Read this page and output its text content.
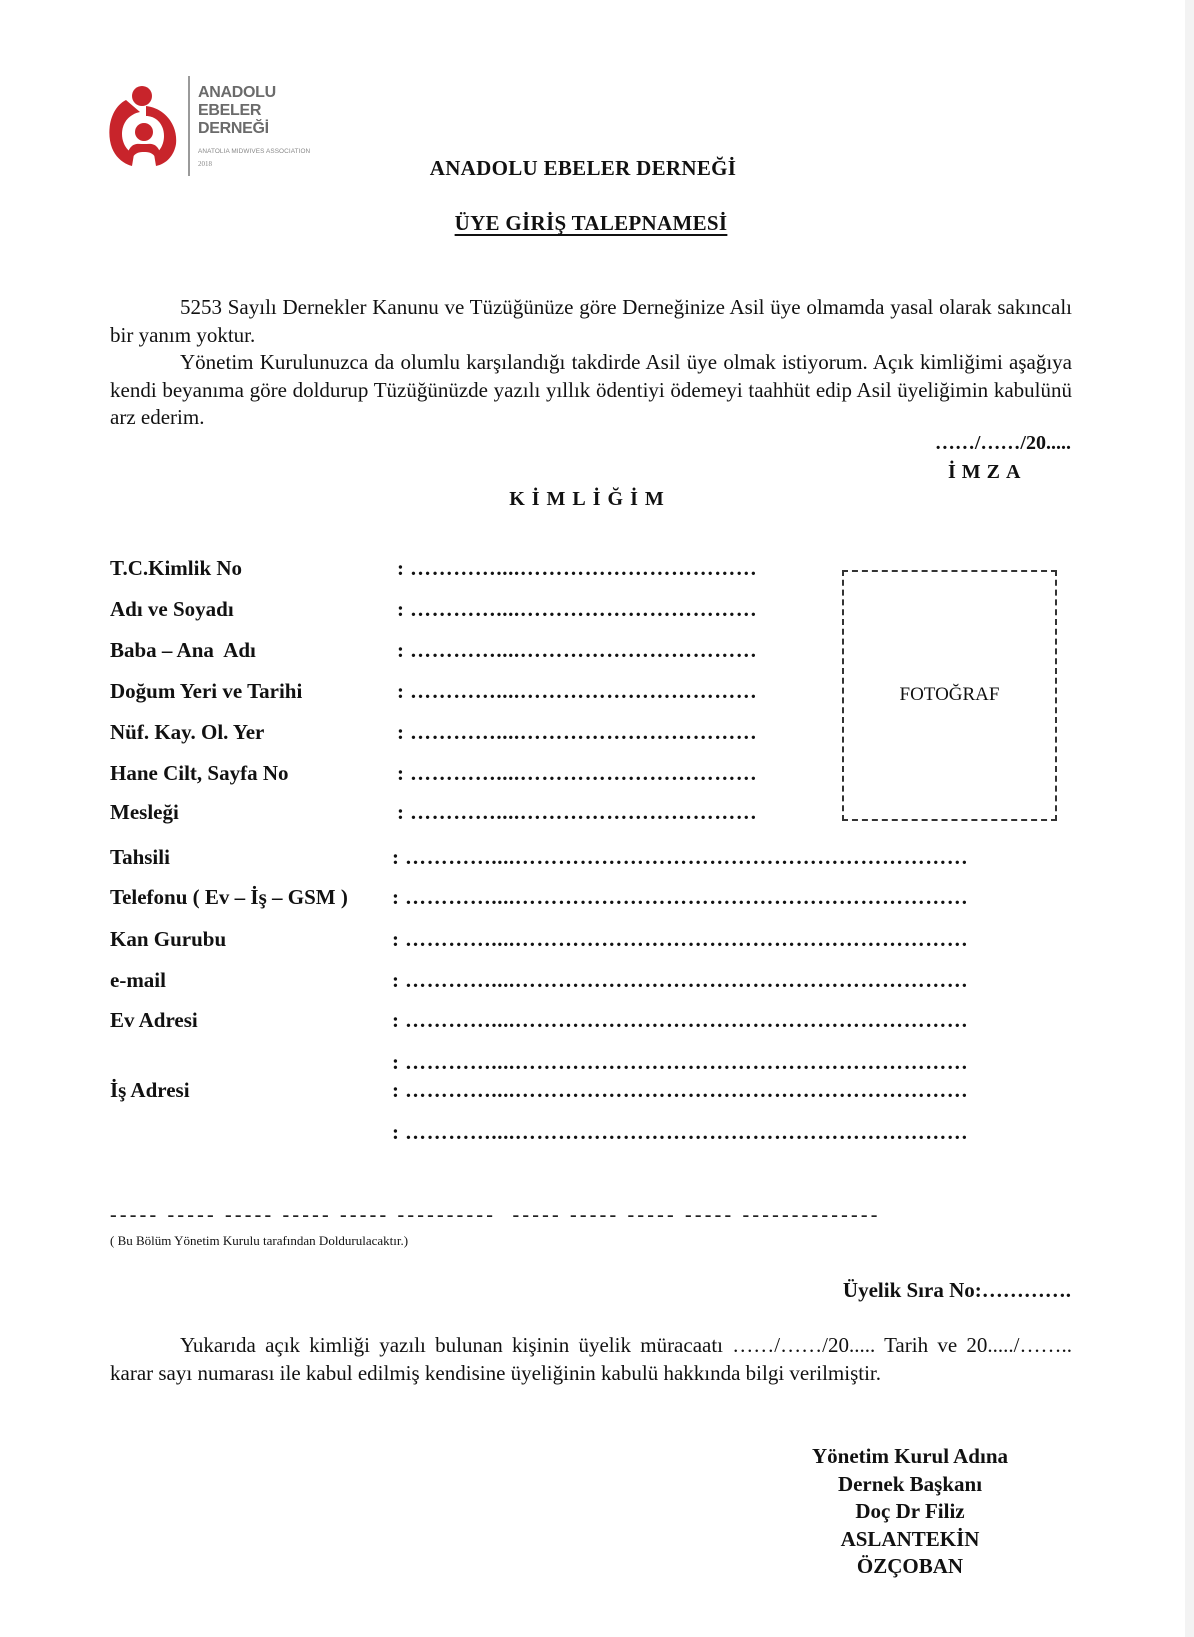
ANADOLU
EBELER
DERNEĞİ
ANATOLIA MIDWIVES ASSOCIATION
2018	ANADOLU EBELER DERNEĞİ
ÜYE GİRİŞ TALEPNAMESİ

5253 Sayılı Dernekler Kanunu ve Tüzüğünüze göre Derneğinize Asil üye olmamda yasal olarak sakıncalı bir yanım yoktur.

Yönetim Kurulunuzca da olumlu karşılandığı takdirde Asil üye olmak istiyorum. Açık kimliğimi aşağıya kendi beyanıma göre doldurup Tüzüğünüzde yazılı yıllık ödentiyi ödemeyi taahhüt edip Asil üyeliğimin kabulünü arz ederim.

……/……/20.....
İMZA
KİMLİĞİM
T.C.Kimlik No	: …………....……………………………
Adı ve Soyadı	: …………....……………………………
Baba – Ana  Adı	: …………....……………………………
Doğum Yeri ve Tarihi	: …………....……………………………
Nüf. Kay. Ol. Yer	: …………....……………………………
Hane Cilt, Sayfa No	: …………....……………………………
Mesleği	: …………....……………………………
FOTOĞRAF
Tahsili	: …………....………………………………………………………
Telefonu ( Ev – İş – GSM ) : …………....………………………………………………………
Kan Gurubu	: …………....………………………………………………………
e-mail	: …………....………………………………………………………
Ev Adresi	: …………....………………………………………………………
: …………....………………………………………………………
İş Adresi	: …………....………………………………………………………
: …………....………………………………………………………
----- ----- ----- ----- ----- ----------  ----- ----- ----- ----- --------------
( Bu Bölüm Yönetim Kurulu tarafından Doldurulacaktır.)
Üyelik Sıra No:………….

Yukarıda açık kimliği yazılı bulunan kişinin üyelik müracaatı ……/……/20..... Tarih ve 20...../…….. karar sayı numarası ile kabul edilmiş kendisine üyeliğinin kabulü hakkında bilgi verilmiştir.

Yönetim Kurul Adına
Dernek Başkanı
Doç Dr Filiz
ASLANTEKİN
ÖZÇOBAN
